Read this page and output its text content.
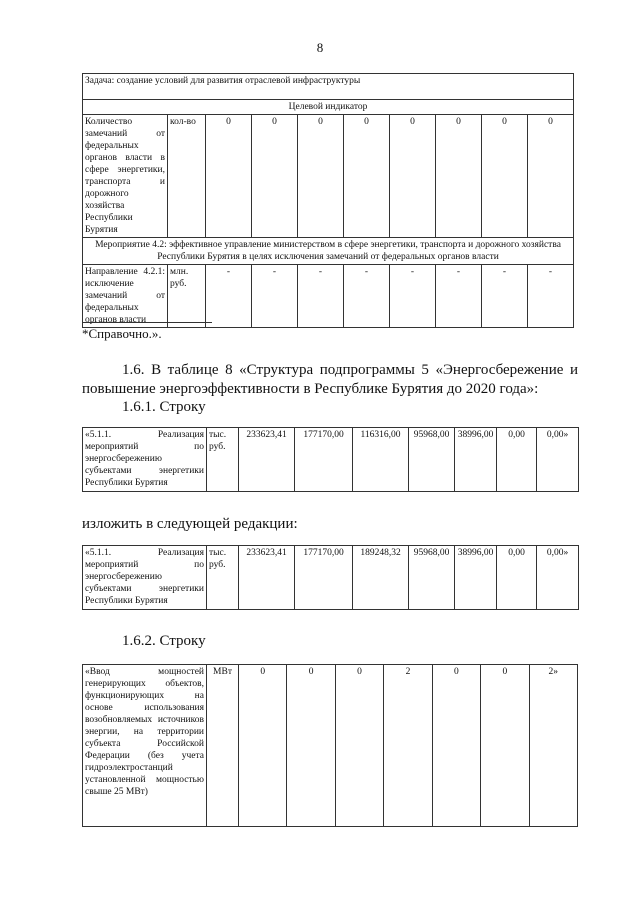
8
Задача: создание условий для развития отраслевой инфраструктуры									
Целевой индикатор									
Количество замечаний от федеральных органов власти в сфере энергетики, транспорта и дорожного хозяйства Республики Бурятия	кол-во	0	0	0	0	0	0	0	0
Мероприятие 4.2: эффективное управление министерством в сфере энергетики, транспорта и дорожного хозяйства Республики Бурятия в целях исключения замечаний от федеральных органов власти									
Направление 4.2.1: исключение замечаний от федеральных органов власти	млн. руб.	-	-	-	-	-	-	-	-
*Справочно.».
1.6. В таблице 8 «Структура подпрограммы 5 «Энергосбережение и повышение энергоэффективности в Республике Бурятия до 2020 года»:
1.6.1. Строку
«5.1.1. Реализация мероприятий по энергосбережению субъектами энергетики Республики Бурятия	тыс. руб.	233623,41	177170,00	116316,00	95968,00	38996,00	0,00	0,00»
изложить в следующей редакции:
«5.1.1. Реализация мероприятий по энергосбережению субъектами энергетики Республики Бурятия	тыс. руб.	233623,41	177170,00	189248,32	95968,00	38996,00	0,00	0,00»
1.6.2. Строку
«Ввод мощностей генерирующих объектов, функционирующих на основе использования возобновляемых источников энергии, на территории субъекта Российской Федерации (без учета гидроэлектростанций установленной мощностью свыше 25 МВт)	МВт	0	0	0	2	0	0	2»
